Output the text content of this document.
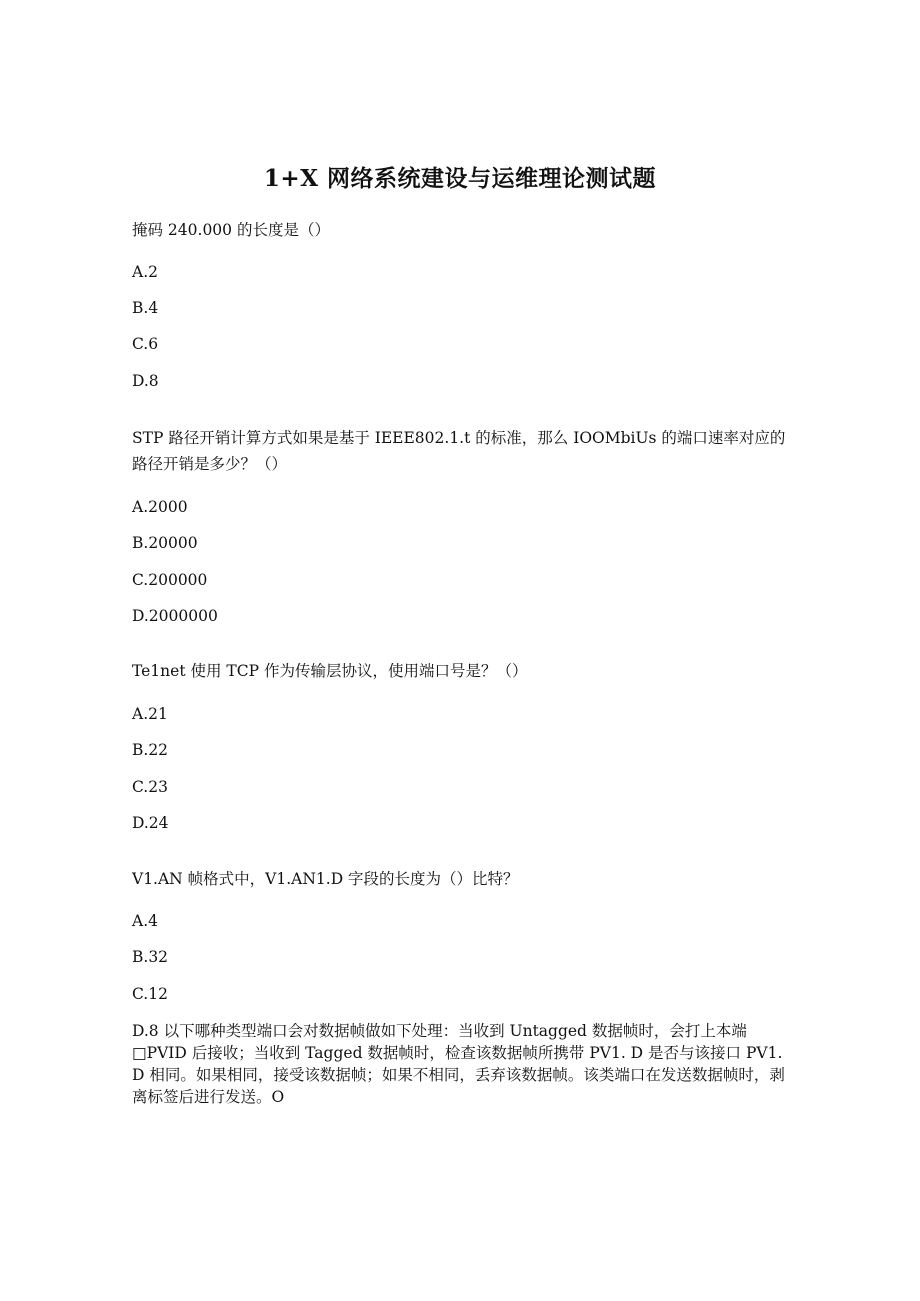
1+X 网络系统建设与运维理论测试题
掩码 240.000 的长度是（）
A.2
B.4
C.6
D.8
STP 路径开销计算方式如果是基于 IEEE802.1.t 的标准，那么 IOOMbiUs 的端口速率对应的路径开销是多少？（）
A.2000
B.20000
C.200000
D.2000000
Te1net 使用 TCP 作为传输层协议，使用端口号是？（）
A.21
B.22
C.23
D.24
V1.AN 帧格式中，V1.AN1.D 字段的长度为（）比特？
A.4
B.32
C.12
D.8 以下哪种类型端口会对数据帧做如下处理：当收到 Untagged 数据帧时，会打上本端□PVID 后接收；当收到 Tagged 数据帧时，检查该数据帧所携带 PV1. D 是否与该接口 PV1. D 相同。如果相同，接受该数据帧；如果不相同，丢弃该数据帧。该类端口在发送数据帧时，剥离标签后进行发送。O
